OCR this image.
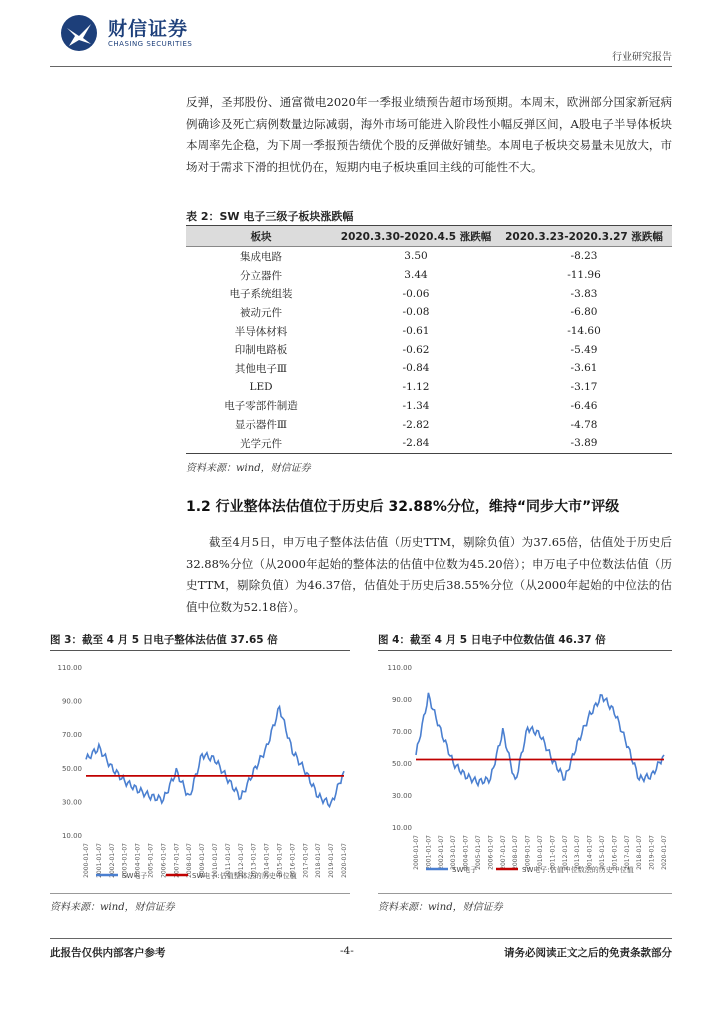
财信证券
CHASING SECURITIES
行业研究报告
反弹，圣邦股份、通富微电2020年一季报业绩预告超市场预期。本周末，欧洲部分国家新冠病例确诊及死亡病例数量边际减弱，海外市场可能进入阶段性小幅反弹区间，A股电子半导体板块本周率先企稳，为下周一季报预告绩优个股的反弹做好铺垫。本周电子板块交易量未见放大，市场对于需求下滑的担忧仍在，短期内电子板块重回主线的可能性不大。
表 2：SW 电子三级子板块涨跌幅
板块	2020.3.30-2020.4.5 涨跌幅	2020.3.23-2020.3.27 涨跌幅
集成电路	3.50	-8.23
分立器件	3.44	-11.96
电子系统组装	-0.06	-3.83
被动元件	-0.08	-6.80
半导体材料	-0.61	-14.60
印制电路板	-0.62	-5.49
其他电子Ⅲ	-0.84	-3.61
LED	-1.12	-3.17
电子零部件制造	-1.34	-6.46
显示器件Ⅲ	-2.82	-4.78
光学元件	-2.84	-3.89
资料来源：wind，财信证券
1.2 行业整体法估值位于历史后 32.88%分位，维持“同步大市”评级
截至4月5日，申万电子整体法估值（历史TTM，剔除负值）为37.65倍，估值处于历史后32.88%分位（从2000年起始的整体法的估值中位数为45.20倍）；申万电子中位数法估值（历史TTM，剔除负值）为46.37倍，估值处于历史后38.55%分位（从2000年起始的中位法的估值中位数为52.18倍）。
图 3：截至 4 月 5 日电子整体法估值 37.65 倍	图 4：截至 4 月 5 日电子中位数估值 46.37 倍
110.00
90.00
70.00
50.00
30.00
10.00
2000-01-07 2001-01-07 2002-01-07 2003-01-07 2004-01-07 2005-01-07 2006-01-07 2007-01-07 2008-01-07 2009-01-07 2010-01-07 2011-01-07 2012-01-07 2013-01-07 2014-01-07 2015-01-07 2016-01-07 2017-01-07 2018-01-07 2019-01-07 2020-01-07
SW电子	SW电子:估值整体法的历史中位值
110.00
90.00
70.00
50.00
30.00
10.00
2000-01-07 2001-01-07 2002-01-07 2003-01-07 2004-01-07 2005-01-07 2006-01-07 2007-01-07 2008-01-07 2009-01-07 2010-01-07 2011-01-07 2012-01-07 2013-01-07 2014-01-07 2015-01-07 2016-01-07 2017-01-07 2018-01-07 2019-01-07 2020-01-07
SW电子	SW电子:估值中位数法的历史中位值
资料来源：wind，财信证券	资料来源：wind，财信证券
此报告仅供内部客户参考	-4-	请务必阅读正文之后的免责条款部分
